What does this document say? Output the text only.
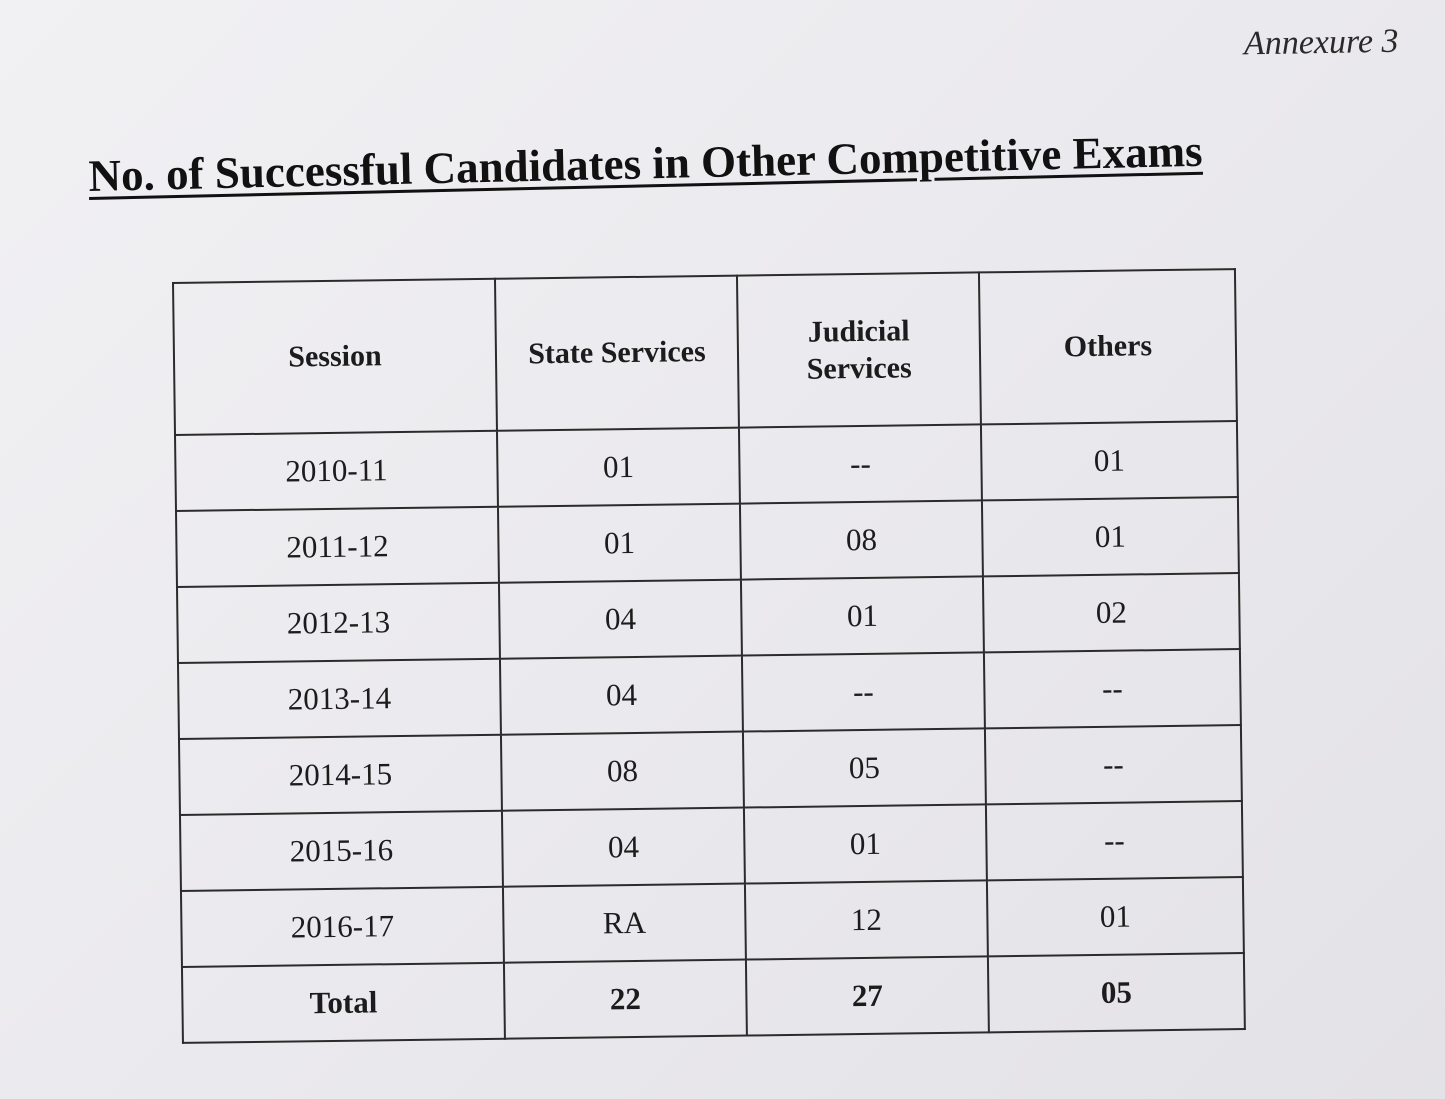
Annexure 3
No. of Successful Candidates in Other Competitive Exams
Session	State Services	Judicial Services	Others
2010-11	01	--	01
2011-12	01	08	01
2012-13	04	01	02
2013-14	04	--	--
2014-15	08	05	--
2015-16	04	01	--
2016-17	RA	12	01
Total	22	27	05
